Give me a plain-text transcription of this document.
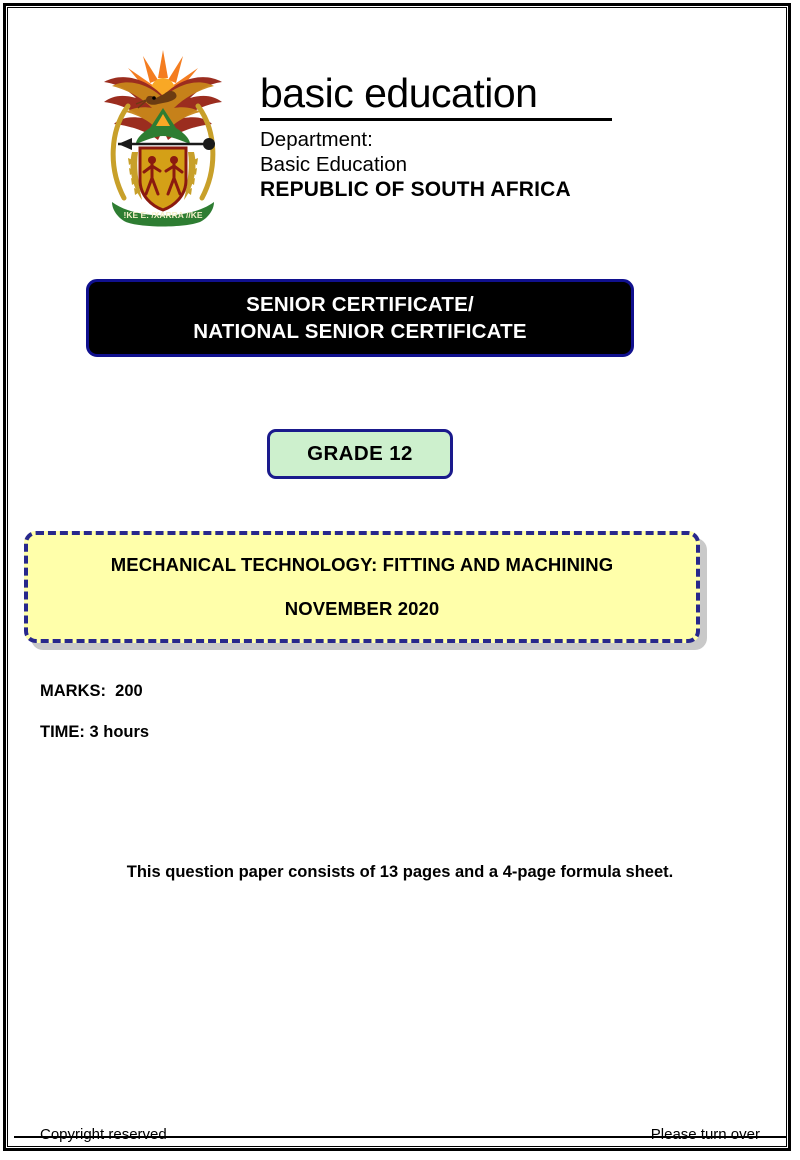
!KE E: /XARRA //KE
basic education
Department:
Basic Education
REPUBLIC OF SOUTH AFRICA
SENIOR CERTIFICATE/
NATIONAL SENIOR CERTIFICATE
GRADE 12
MECHANICAL TECHNOLOGY: FITTING AND MACHINING
NOVEMBER 2020
MARKS:  200
TIME: 3 hours
This question paper consists of 13 pages and a 4-page formula sheet.
Copyright reserved	Please turn over
